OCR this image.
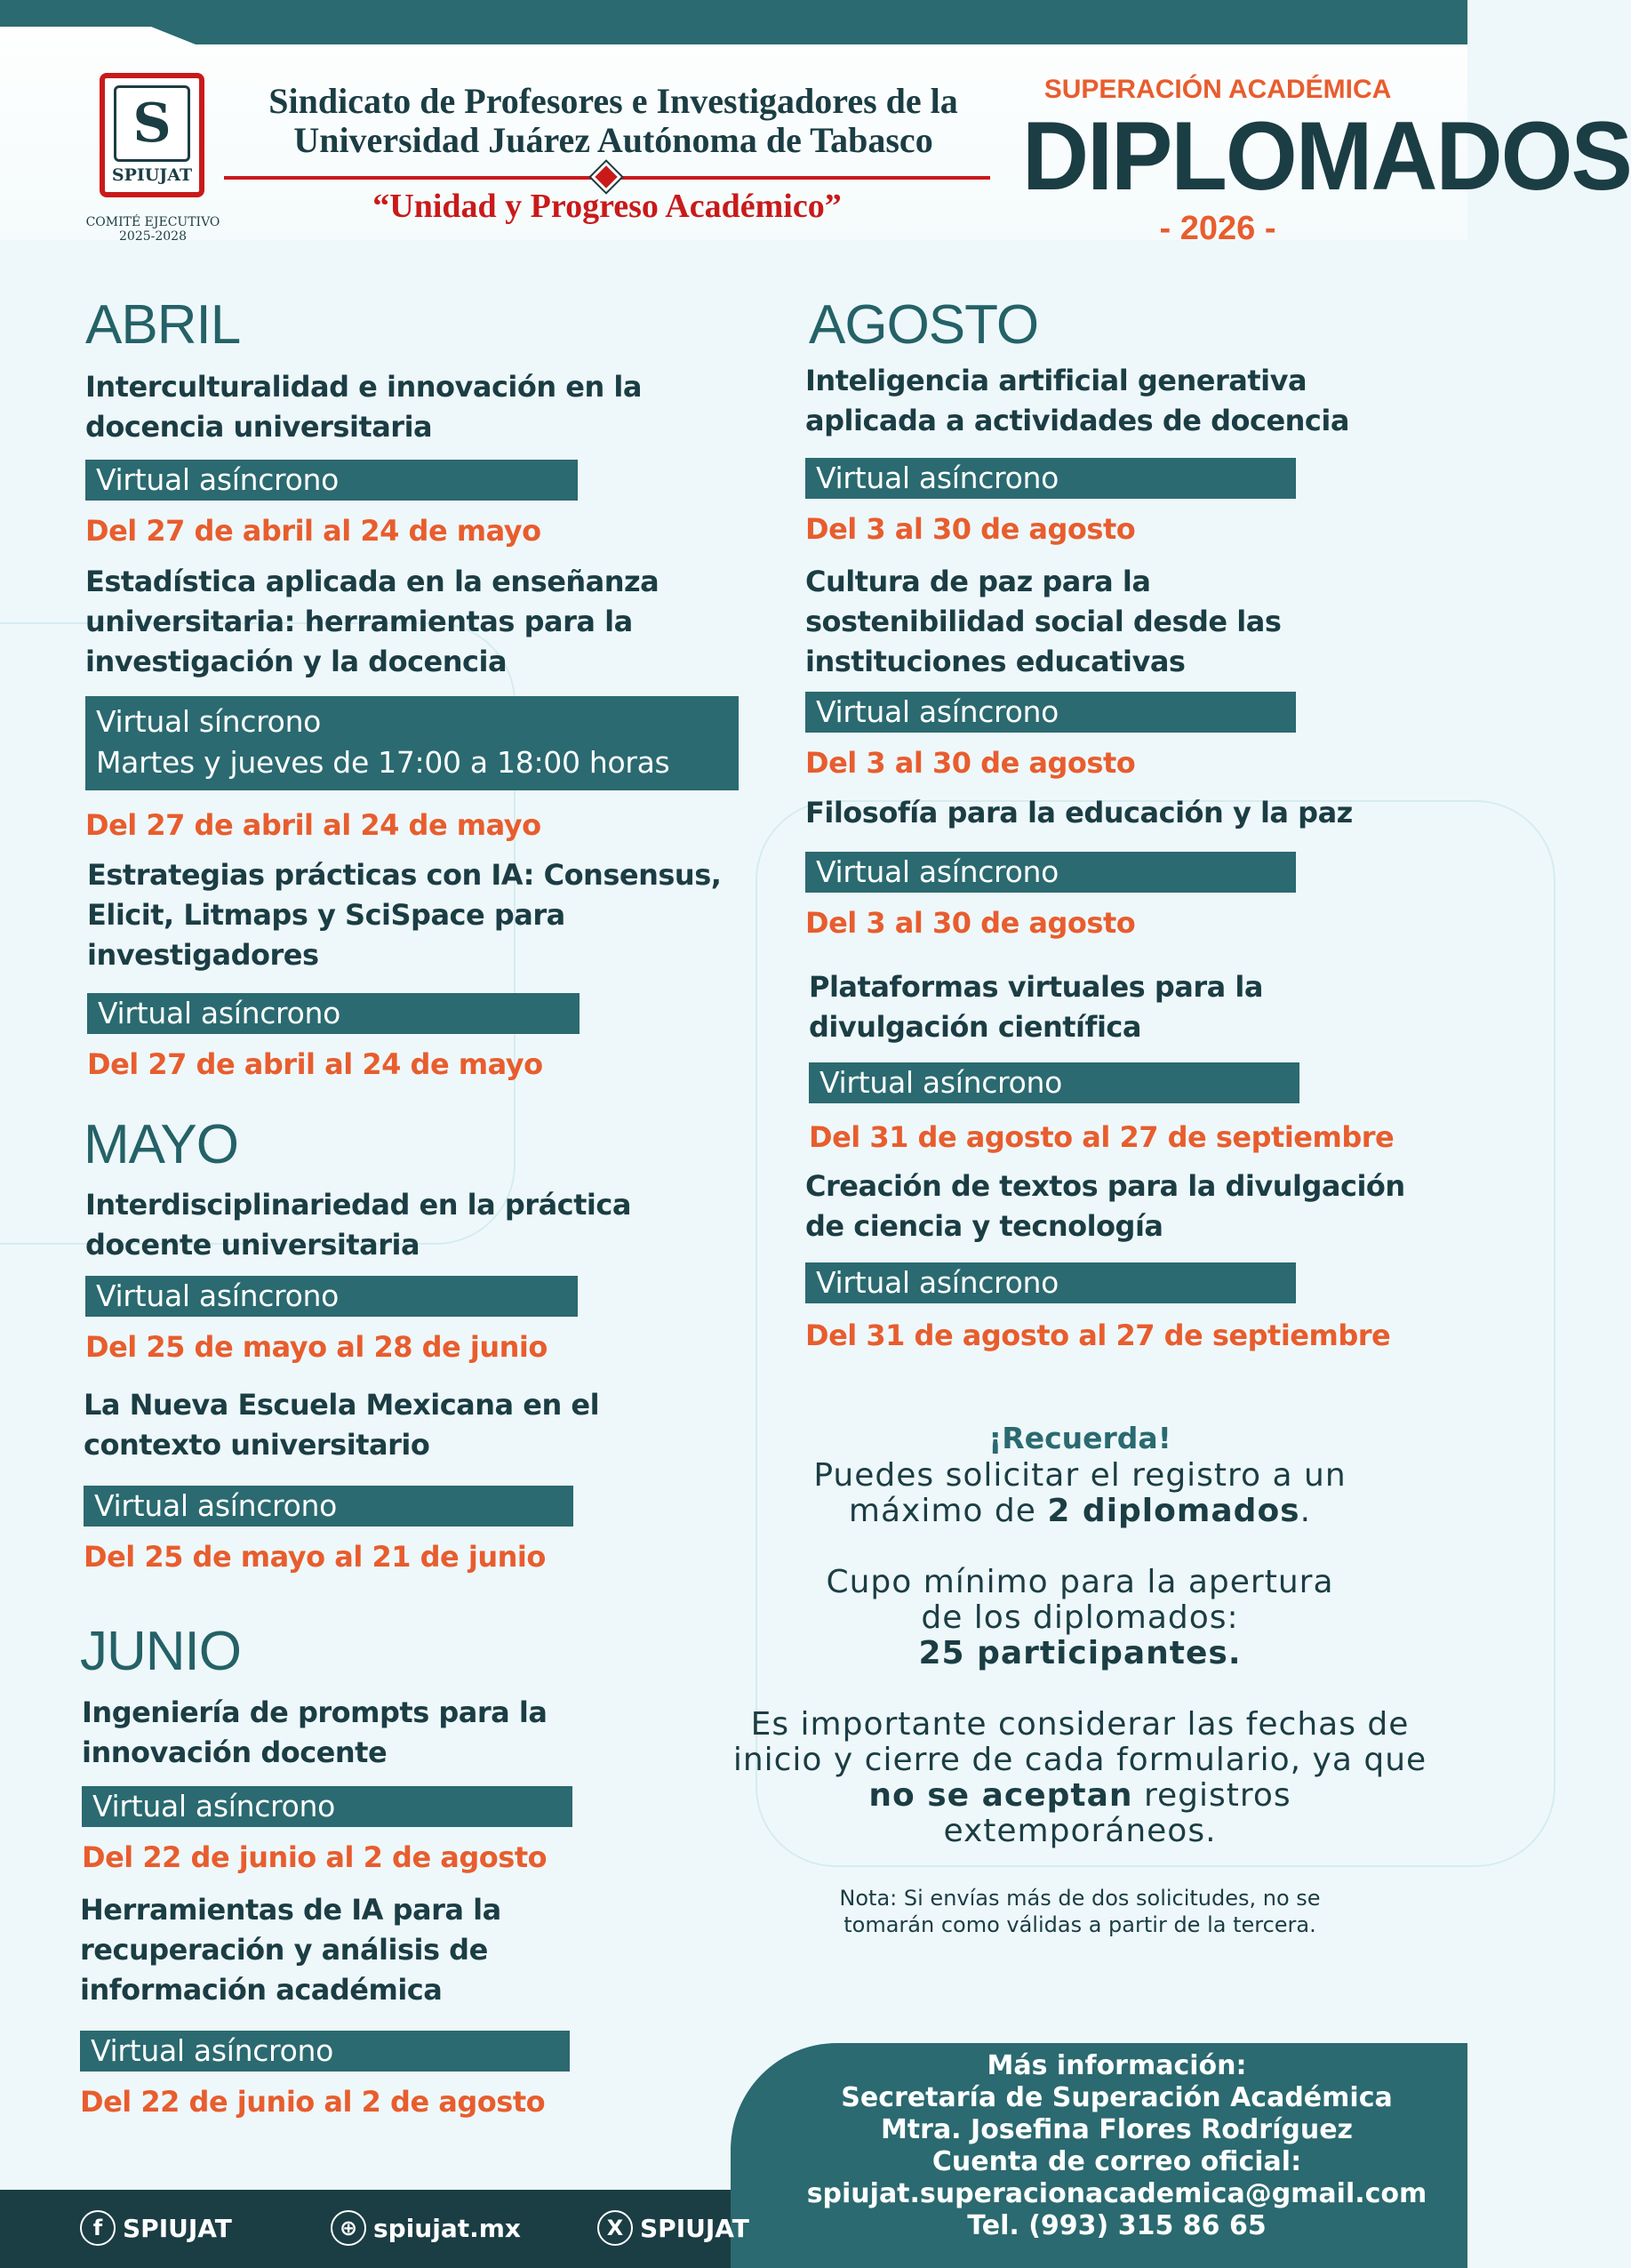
S
SPIUJAT
COMITÉ EJECUTIVO
2025-2028
Sindicato de Profesores e Investigadores de la
Universidad Juárez Autónoma de Tabasco
“Unidad y Progreso Académico”
SUPERACIÓN ACADÉMICA
DIPLOMADOS
- 2026 -
ABRIL
Interculturalidad e innovación en la docencia universitaria
Virtual asíncrono
Del 27 de abril al 24 de mayo
Estadística aplicada en la enseñanza universitaria: herramientas para la investigación y la docencia
Virtual síncrono
Martes y jueves de 17:00 a 18:00 horas
Del 27 de abril al 24 de mayo
Estrategias prácticas con IA: Consensus, Elicit, Litmaps y SciSpace para investigadores
Virtual asíncrono
Del 27 de abril al 24 de mayo
MAYO
Interdisciplinariedad en la práctica docente universitaria
Virtual asíncrono
Del 25 de mayo al 28 de junio
La Nueva Escuela Mexicana en el contexto universitario
Virtual asíncrono
Del 25 de mayo al 21 de junio
JUNIO
Ingeniería de prompts para la innovación docente
Virtual asíncrono
Del 22 de junio al 2 de agosto
Herramientas de IA para la recuperación y análisis de información académica
Virtual asíncrono
Del 22 de junio al 2 de agosto
AGOSTO
Inteligencia artificial generativa aplicada a actividades de docencia
Virtual asíncrono
Del 3 al 30 de agosto
Cultura de paz para la sostenibilidad social desde las instituciones educativas
Virtual asíncrono
Del 3 al 30 de agosto
Filosofía para la educación y la paz
Virtual asíncrono
Del 3 al 30 de agosto
Plataformas virtuales para la divulgación científica
Virtual asíncrono
Del 31 de agosto al 27 de septiembre
Creación de textos para la divulgación de ciencia y tecnología
Virtual asíncrono
Del 31 de agosto al 27 de septiembre
¡Recuerda!
Puedes solicitar el registro a un máximo de 2 diplomados.
Cupo mínimo para la apertura de los diplomados:
25 participantes.
Es importante considerar las fechas de inicio y cierre de cada formulario, ya que no se aceptan registros extemporáneos.
Nota: Si envías más de dos solicitudes, no se tomarán como válidas a partir de la tercera.
Más información:
Secretaría de Superación Académica
Mtra. Josefina Flores Rodríguez
Cuenta de correo oficial:
spiujat.superacionacademica@gmail.com
Tel. (993) 315 86 65
f SPIUJAT	⊕ spiujat.mx	X SPIUJAT
